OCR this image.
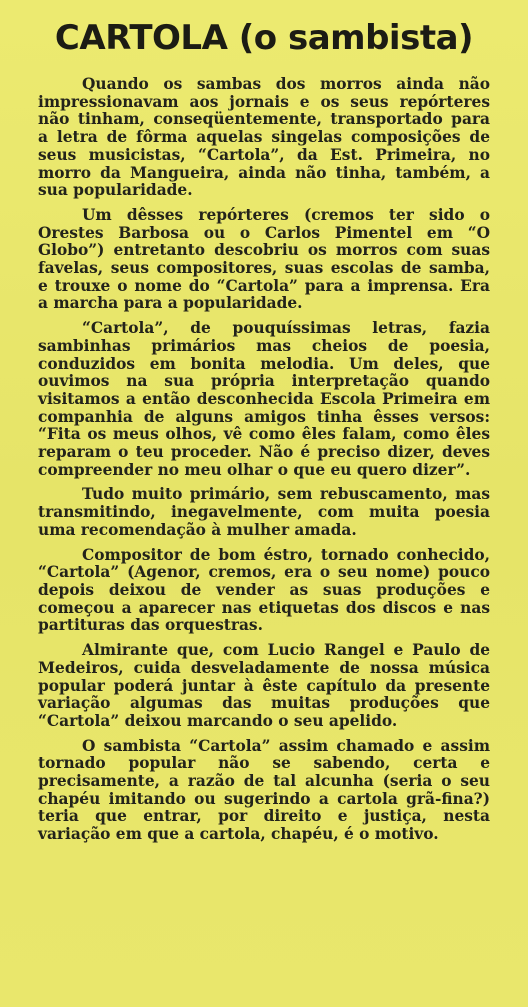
CARTOLA (o sambista)

Quando os sambas dos morros ainda não impressionavam aos jornais e os seus repórteres não tinham, conseqüentemente, transportado para a letra de fôrma aquelas singelas composições de seus musicistas, “Cartola”, da Est. Primeira, no morro da Mangueira, ainda não tinha, também, a sua popularidade.

Um dêsses repórteres (cremos ter sido o Orestes Barbosa ou o Carlos Pimentel em “O Globo”) entretanto descobriu os morros com suas favelas, seus compositores, suas escolas de samba, e trouxe o nome do “Cartola” para a imprensa. Era a marcha para a popularidade.

“Cartola”, de pouquíssimas letras, fazia sambinhas primários mas cheios de poesia, conduzidos em bonita melodia. Um deles, que ouvimos na sua própria interpretação quando visitamos a então desconhecida Escola Primeira em companhia de alguns amigos tinha êsses versos: “Fita os meus olhos, vê como êles falam, como êles reparam o teu proceder. Não é preciso dizer, deves compreender no meu olhar o que eu quero dizer”.

Tudo muito primário, sem rebuscamento, mas transmitindo, inegavelmente, com muita poesia uma recomendação à mulher amada.

Compositor de bom éstro, tornado conhecido, “Cartola” (Agenor, cremos, era o seu nome) pouco depois deixou de vender as suas produções e começou a aparecer nas etiquetas dos discos e nas partituras das orquestras.

Almirante que, com Lucio Rangel e Paulo de Medeiros, cuida desveladamente de nossa música popular poderá juntar à êste capítulo da presente variação algumas das muitas produções que “Cartola” deixou marcando o seu apelido.

O sambista “Cartola” assim chamado e assim tornado popular não se sabendo, certa e precisamente, a razão de tal alcunha (seria o seu chapéu imitando ou sugerindo a cartola grã-fina?) teria que entrar, por direito e justiça, nesta variação em que a cartola, chapéu, é o motivo.
